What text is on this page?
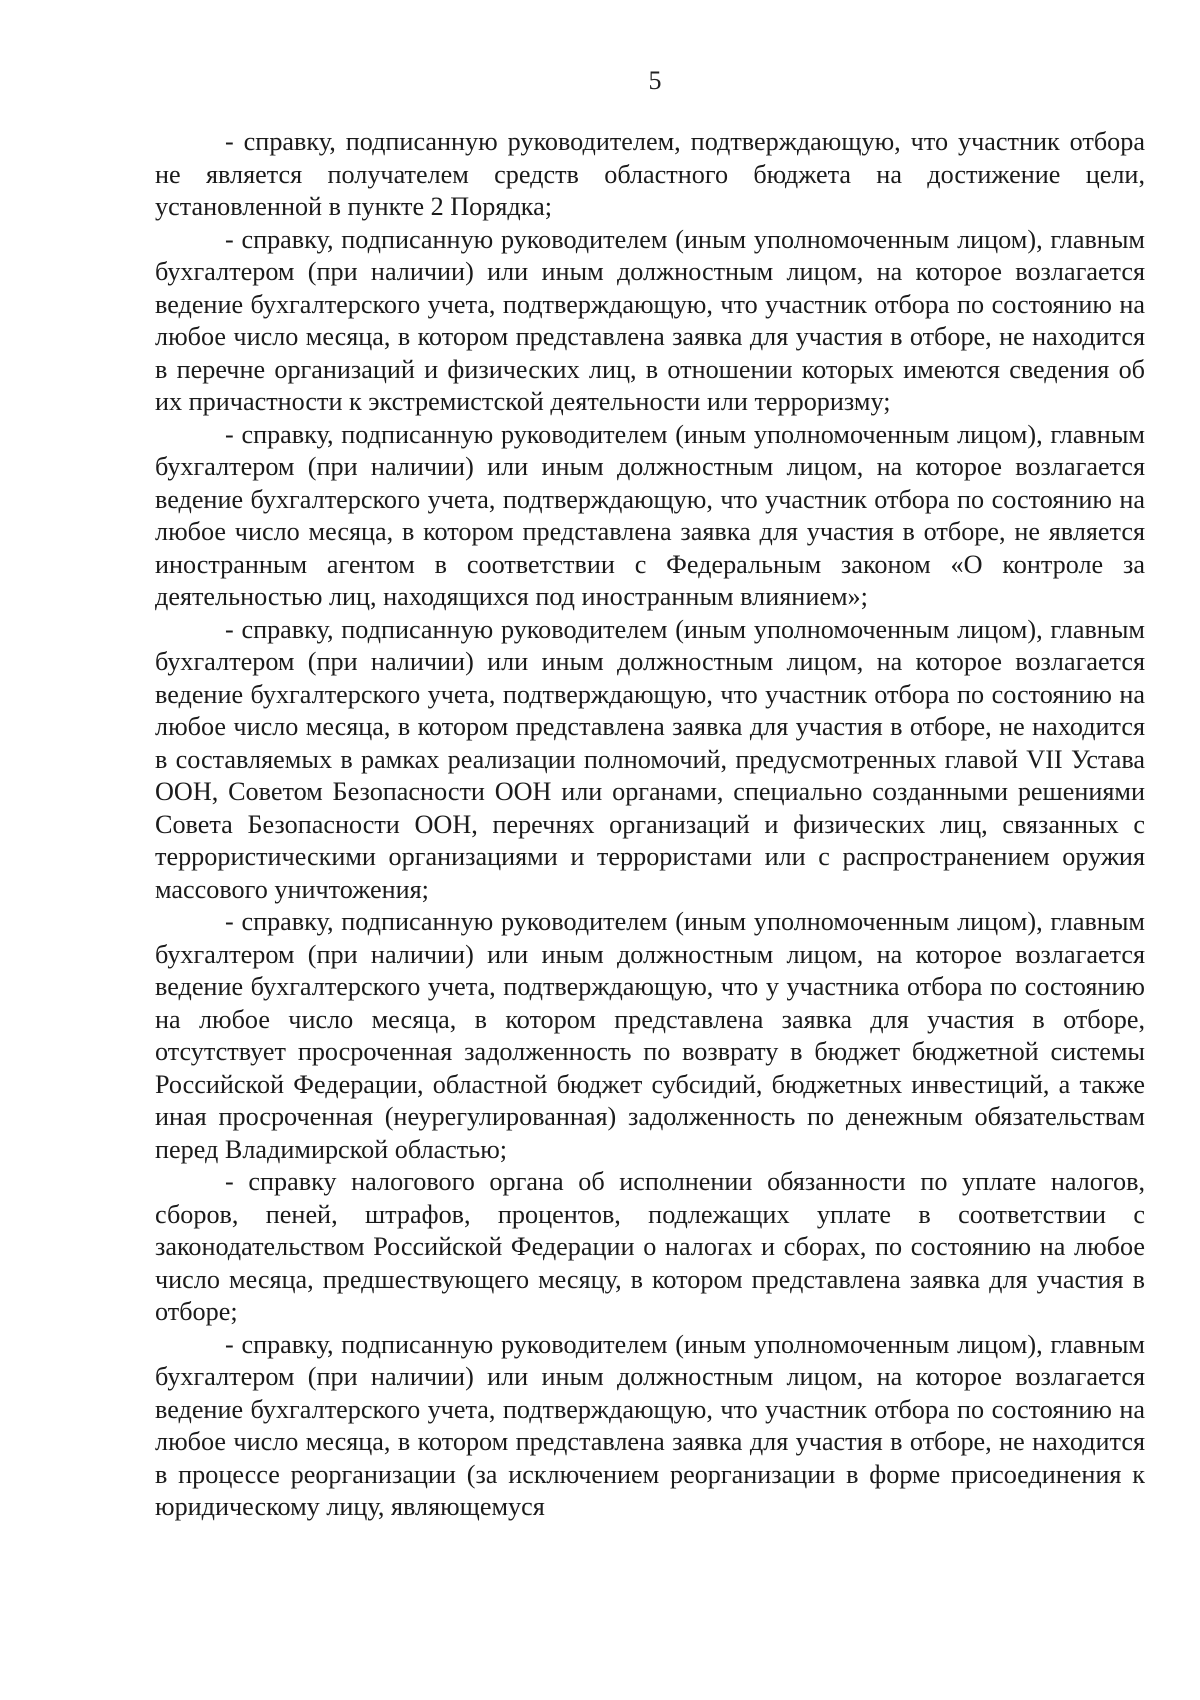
5

- справку, подписанную руководителем, подтверждающую, что участник отбора не является получателем средств областного бюджета на достижение цели, установленной в пункте 2 Порядка;

- справку, подписанную руководителем (иным уполномоченным лицом), главным бухгалтером (при наличии) или иным должностным лицом, на которое возлагается ведение бухгалтерского учета, подтверждающую, что участник отбора по состоянию на любое число месяца, в котором представлена заявка для участия в отборе, не находится в перечне организаций и физических лиц, в отношении которых имеются сведения об их причастности к экстремистской деятельности или терроризму;

- справку, подписанную руководителем (иным уполномоченным лицом), главным бухгалтером (при наличии) или иным должностным лицом, на которое возлагается ведение бухгалтерского учета, подтверждающую, что участник отбора по состоянию на любое число месяца, в котором представлена заявка для участия в отборе, не является иностранным агентом в соответствии с Федеральным законом «О контроле за деятельностью лиц, находящихся под иностранным влиянием»;

- справку, подписанную руководителем (иным уполномоченным лицом), главным бухгалтером (при наличии) или иным должностным лицом, на которое возлагается ведение бухгалтерского учета, подтверждающую, что участник отбора по состоянию на любое число месяца, в котором представлена заявка для участия в отборе, не находится в составляемых в рамках реализации полномочий, предусмотренных главой VII Устава ООН, Советом Безопасности ООН или органами, специально созданными решениями Совета Безопасности ООН, перечнях организаций и физических лиц, связанных с террористическими организациями и террористами или с распространением оружия массового уничтожения;

- справку, подписанную руководителем (иным уполномоченным лицом), главным бухгалтером (при наличии) или иным должностным лицом, на которое возлагается ведение бухгалтерского учета, подтверждающую, что у участника отбора по состоянию на любое число месяца, в котором представлена заявка для участия в отборе, отсутствует просроченная задолженность по возврату в бюджет бюджетной системы Российской Федерации, областной бюджет субсидий, бюджетных инвестиций, а также иная просроченная (неурегулированная) задолженность по денежным обязательствам перед Владимирской областью;

- справку налогового органа об исполнении обязанности по уплате налогов, сборов, пеней, штрафов, процентов, подлежащих уплате в соответствии с законодательством Российской Федерации о налогах и сборах, по состоянию на любое число месяца, предшествующего месяцу, в котором представлена заявка для участия в отборе;

- справку, подписанную руководителем (иным уполномоченным лицом), главным бухгалтером (при наличии) или иным должностным лицом, на которое возлагается ведение бухгалтерского учета, подтверждающую, что участник отбора по состоянию на любое число месяца, в котором представлена заявка для участия в отборе, не находится в процессе реорганизации (за исключением реорганизации в форме присоединения к юридическому лицу, являющемуся
